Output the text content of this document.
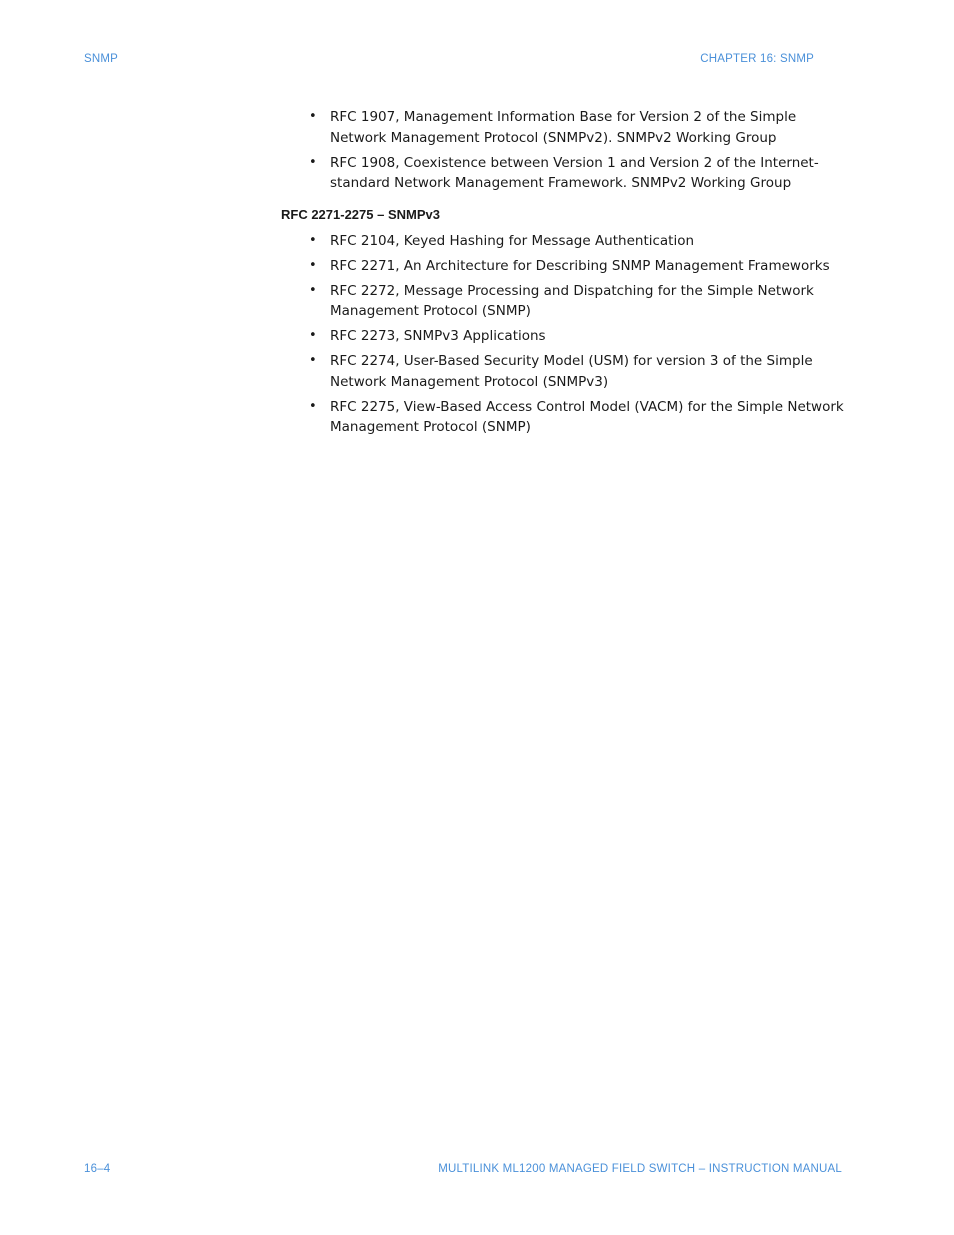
SNMP	CHAPTER 16: SNMP
• RFC 1907, Management Information Base for Version 2 of the Simple Network Management Protocol (SNMPv2). SNMPv2 Working Group
• RFC 1908, Coexistence between Version 1 and Version 2 of the Internet-standard Network Management Framework. SNMPv2 Working Group
RFC 2271-2275 – SNMPv3
• RFC 2104, Keyed Hashing for Message Authentication
• RFC 2271, An Architecture for Describing SNMP Management Frameworks
• RFC 2272, Message Processing and Dispatching for the Simple Network Management Protocol (SNMP)
• RFC 2273, SNMPv3 Applications
• RFC 2274, User-Based Security Model (USM) for version 3 of the Simple Network Management Protocol (SNMPv3)
• RFC 2275, View-Based Access Control Model (VACM) for the Simple Network Management Protocol (SNMP)
16–4	MULTILINK ML1200 MANAGED FIELD SWITCH – INSTRUCTION MANUAL
